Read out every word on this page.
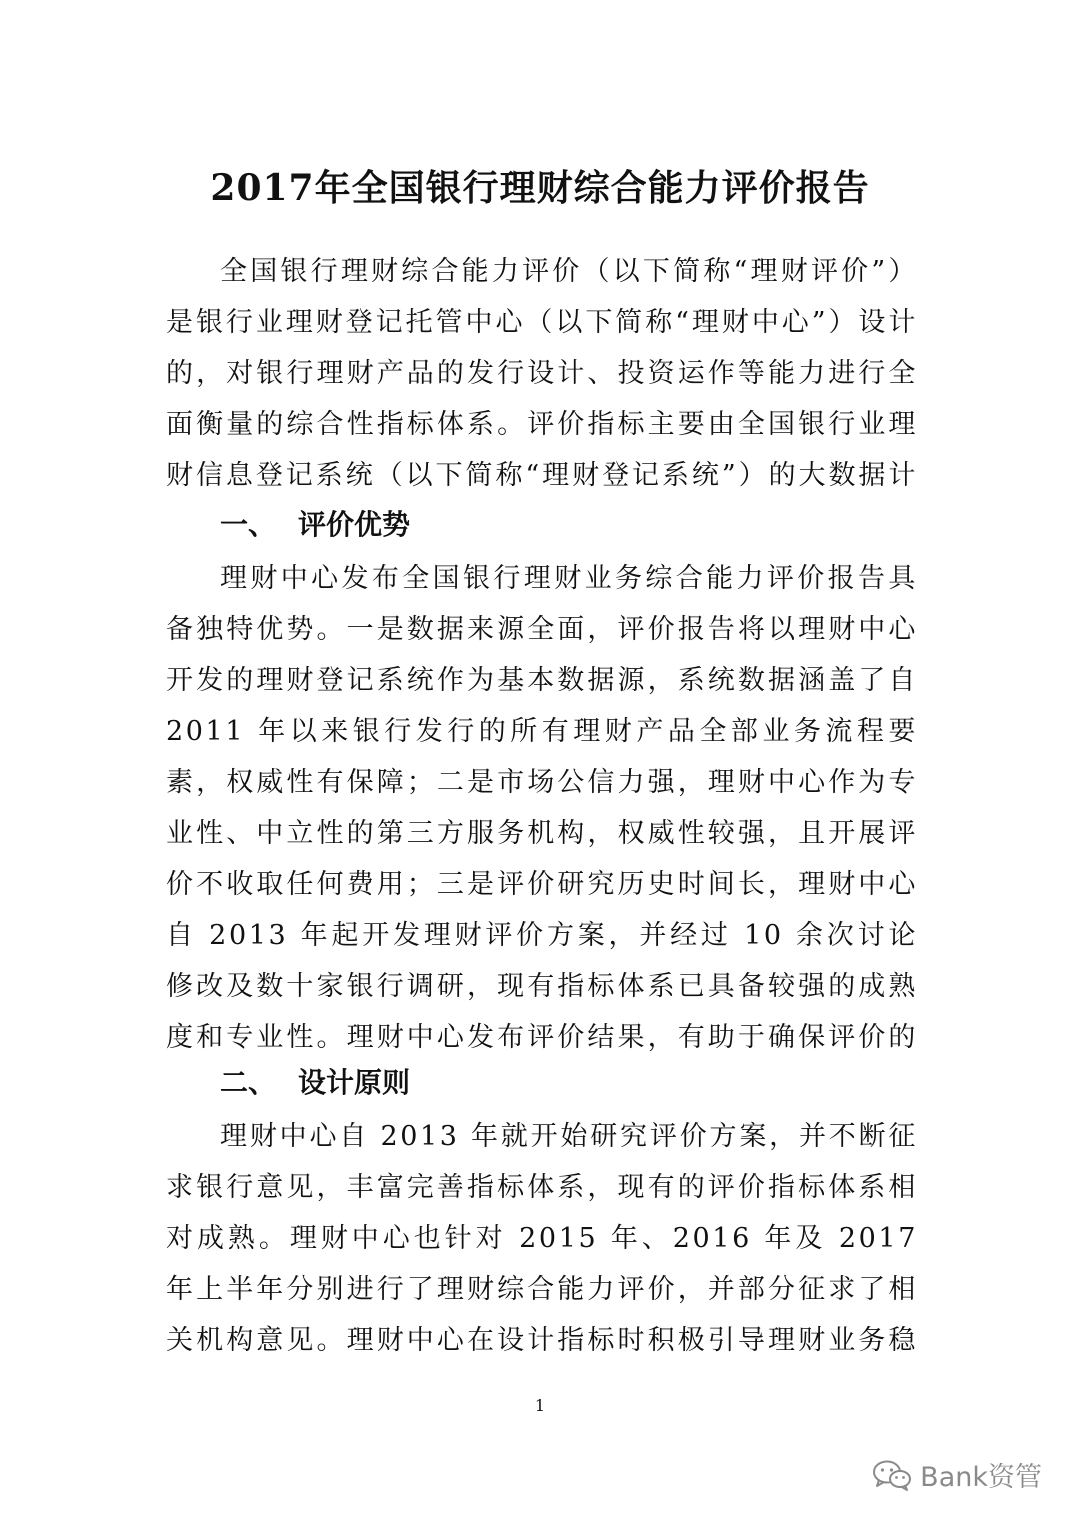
2017年全国银行理财综合能力评价报告

全国银行理财综合能力评价（以下简称“理财评价”）是银行业理财登记托管中心（以下简称“理财中心”）设计的，对银行理财产品的发行设计、投资运作等能力进行全面衡量的综合性指标体系。评价指标主要由全国银行业理财信息登记系统（以下简称“理财登记系统”）的大数据计

一、 评价优势

理财中心发布全国银行理财业务综合能力评价报告具备独特优势。一是数据来源全面，评价报告将以理财中心开发的理财登记系统作为基本数据源，系统数据涵盖了自 2011 年以来银行发行的所有理财产品全部业务流程要素，权威性有保障；二是市场公信力强，理财中心作为专业性、中立性的第三方服务机构，权威性较强，且开展评价不收取任何费用；三是评价研究历史时间长，理财中心自 2013 年起开发理财评价方案，并经过 10 余次讨论修改及数十家银行调研，现有指标体系已具备较强的成熟度和专业性。理财中心发布评价结果，有助于确保评价的

二、 设计原则

理财中心自 2013 年就开始研究评价方案，并不断征求银行意见，丰富完善指标体系，现有的评价指标体系相对成熟。理财中心也针对 2015 年、2016 年及 2017 年上半年分别进行了理财综合能力评价，并部分征求了相关机构意见。理财中心在设计指标时积极引导理财业务稳

1
Bank资管
